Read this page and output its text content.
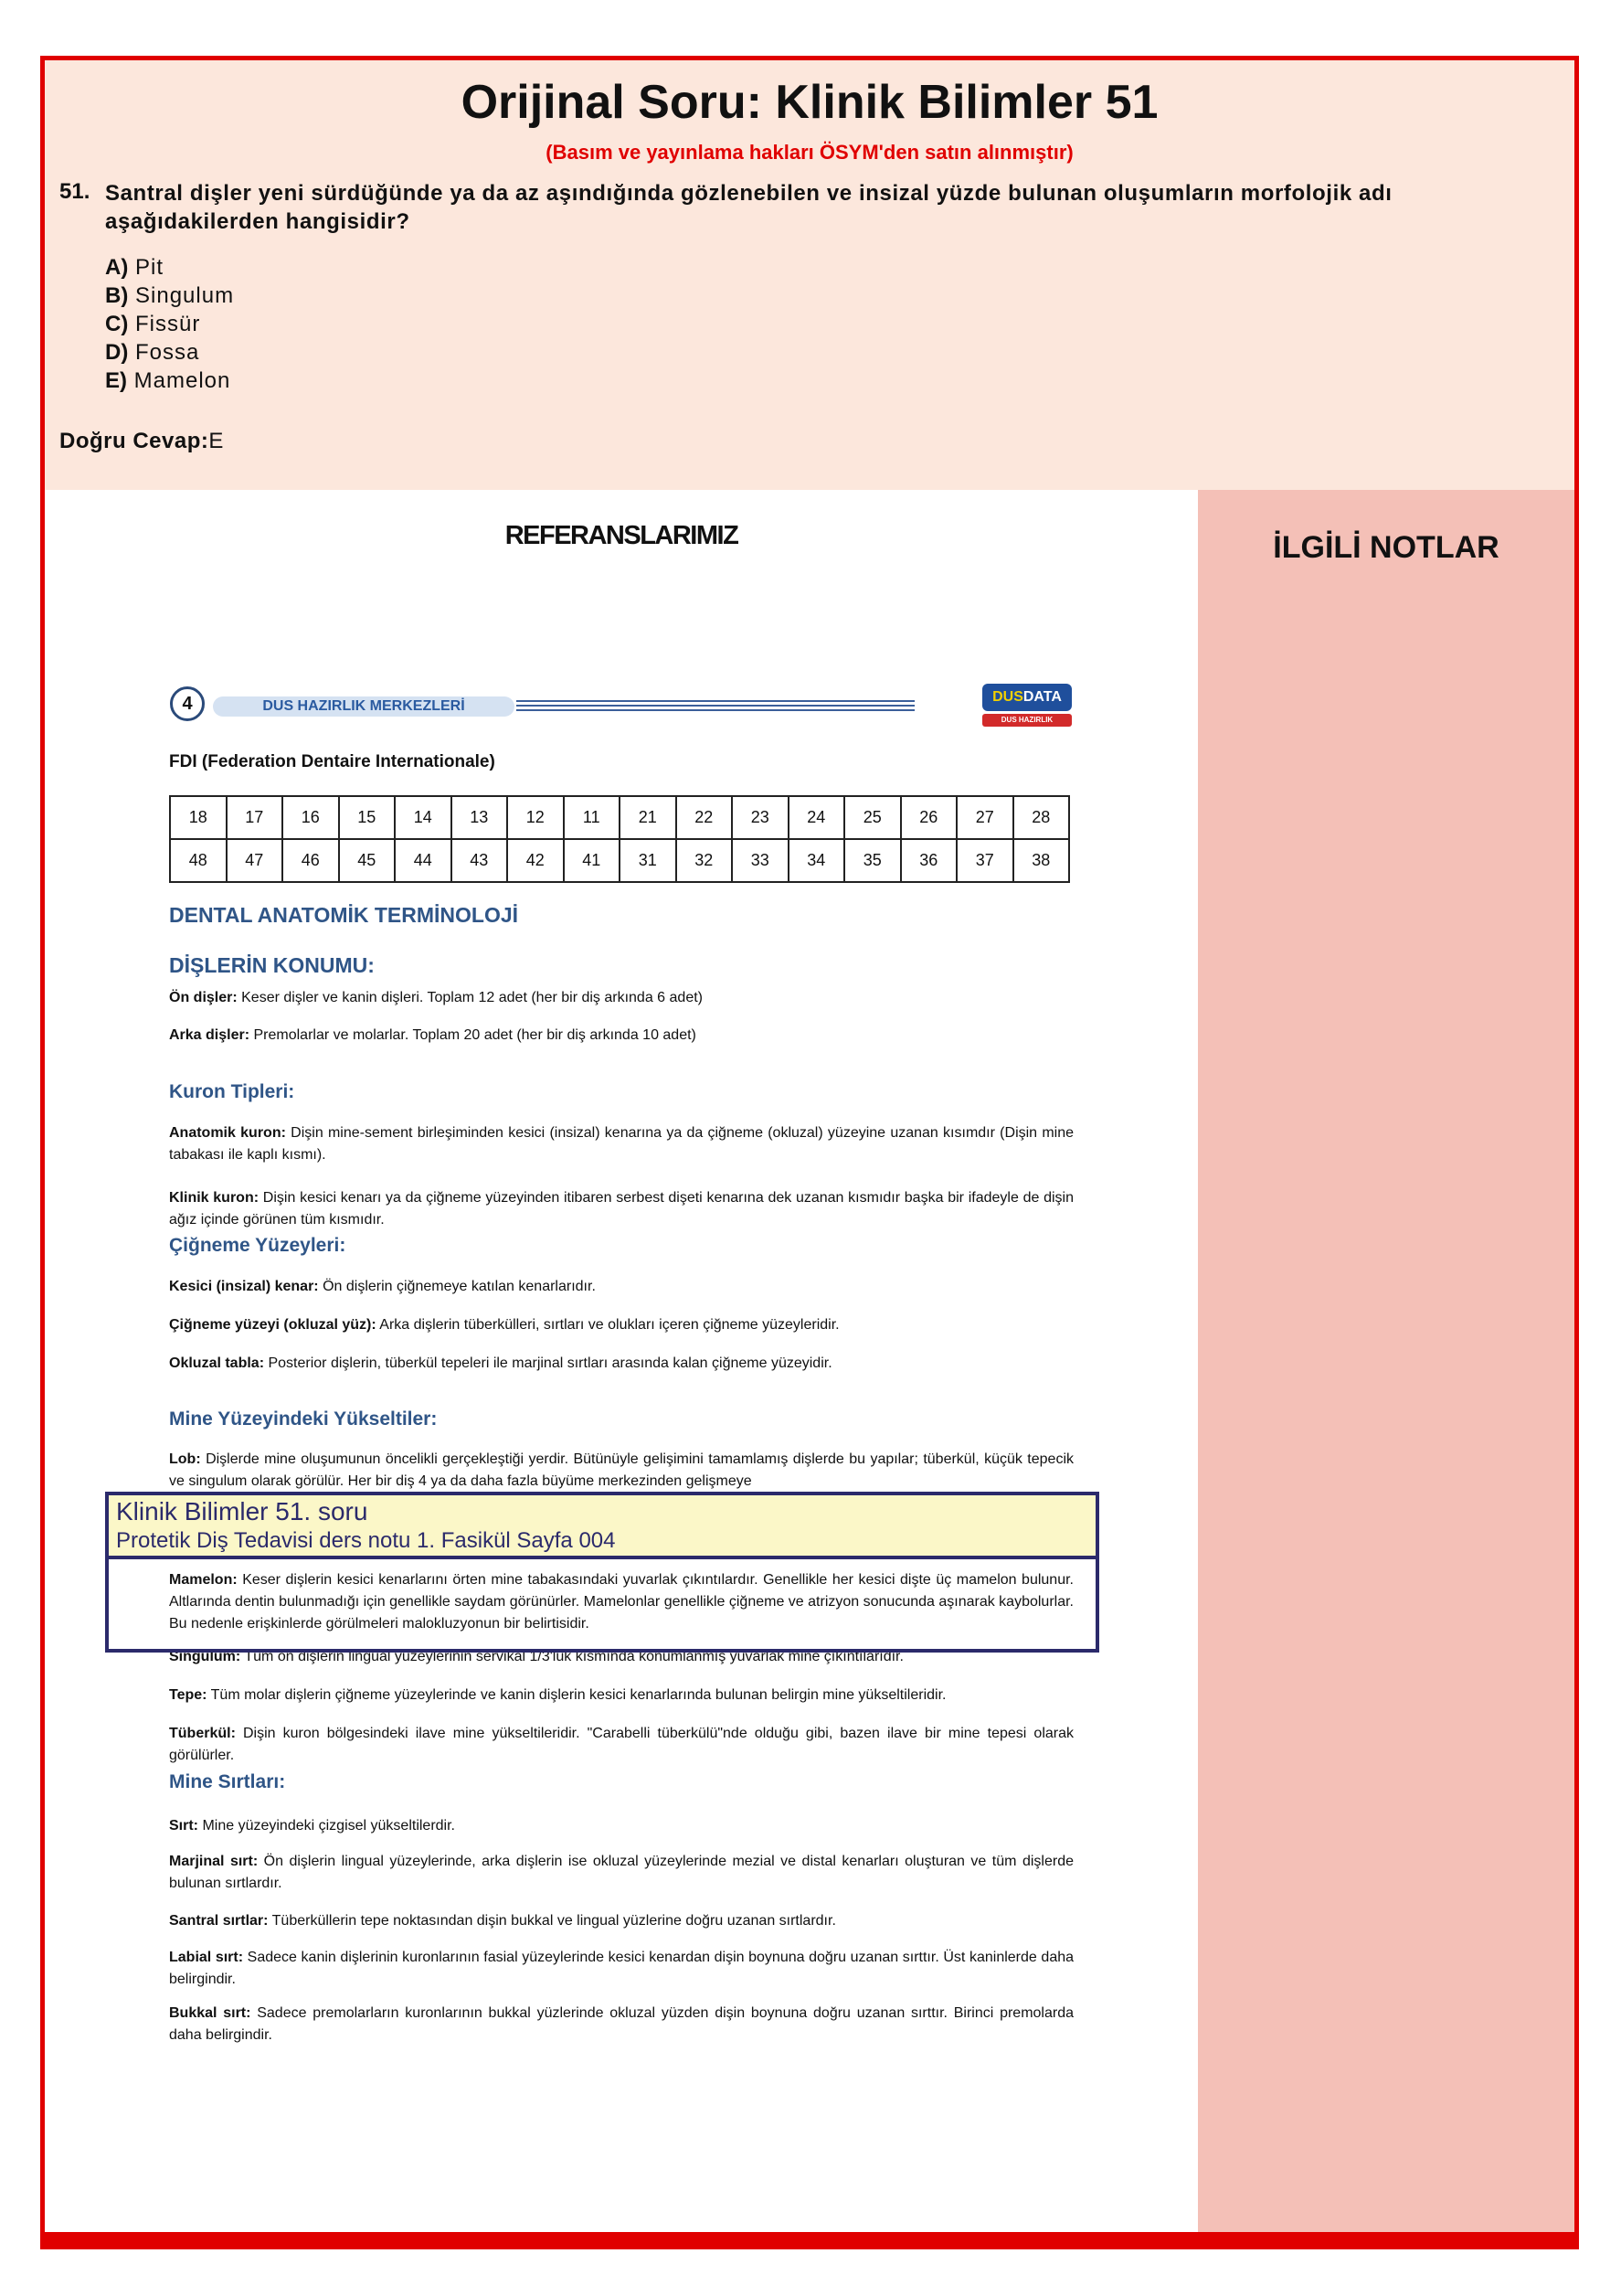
Orijinal Soru: Klinik Bilimler 51
(Basım ve yayınlama hakları ÖSYM'den satın alınmıştır)
51. Santral dişler yeni sürdüğünde ya da az aşındığında gözlenebilen ve insizal yüzde bulunan oluşumların morfolojik adı
aşağıdakilerden hangisidir?
A) Pit
B) Singulum
C) Fissür
D) Fossa
E) Mamelon
Doğru Cevap:E
İLGİLİ NOTLAR
REFERANSLARIMIZ
4	DUS HAZIRLIK MERKEZLERİ
DUSDATA
DUS HAZIRLIK MERKEZLERİ
FDI (Federation Dentaire Internationale)
18	17	16	15	14	13	12	11	21	22	23	24	25	26	27	28
48	47	46	45	44	43	42	41	31	32	33	34	35	36	37	38
DENTAL ANATOMİK TERMİNOLOJİ
DİŞLERİN KONUMU:
Ön dişler: Keser dişler ve kanin dişleri. Toplam 12 adet (her bir diş arkında 6 adet)
Arka dişler: Premolarlar ve molarlar. Toplam 20 adet (her bir diş arkında 10 adet)
Kuron Tipleri:
Anatomik kuron: Dişin mine-sement birleşiminden kesici (insizal) kenarına ya da çiğneme (okluzal) yüzeyine uzanan kısımdır (Dişin mine tabakası ile kaplı kısmı).
Klinik kuron: Dişin kesici kenarı ya da çiğneme yüzeyinden itibaren serbest dişeti kenarına dek uzanan kısmıdır başka bir ifadeyle de dişin ağız içinde görünen tüm kısmıdır.
Çiğneme Yüzeyleri:
Kesici (insizal) kenar: Ön dişlerin çiğnemeye katılan kenarlarıdır.
Çiğneme yüzeyi (okluzal yüz): Arka dişlerin tüberkülleri, sırtları ve olukları içeren çiğneme yüzeyleridir.
Okluzal tabla: Posterior dişlerin, tüberkül tepeleri ile marjinal sırtları arasında kalan çiğneme yüzeyidir.
Mine Yüzeyindeki Yükseltiler:
Lob: Dişlerde mine oluşumunun öncelikli gerçekleştiği yerdir. Bütünüyle gelişimini tamamlamış dişlerde bu yapılar; tüberkül, küçük tepecik ve singulum olarak görülür. Her bir diş 4 ya da daha fazla büyüme merkezinden gelişmeye
Mamelon: Keser dişlerin kesici kenarlarını örten mine tabakasındaki yuvarlak çıkıntılardır. Genellikle her kesici dişte üç mamelon bulunur. Altlarında dentin bulunmadığı için genellikle saydam görünürler. Mamelonlar genellikle çiğneme ve atrizyon sonucunda aşınarak kaybolurlar. Bu nedenle erişkinlerde görülmeleri malokluzyonun bir belirtisidir.
Singulum: Tüm ön dişlerin lingual yüzeylerinin servikal 1/3'lük kısmında konumlanmış yuvarlak mine çıkıntılarıdır.
Tepe: Tüm molar dişlerin çiğneme yüzeylerinde ve kanin dişlerin kesici kenarlarında bulunan belirgin mine yükseltileridir.
Tüberkül: Dişin kuron bölgesindeki ilave mine yükseltileridir. "Carabelli tüberkülü"nde olduğu gibi, bazen ilave bir mine tepesi olarak görülürler.
Mine Sırtları:
Sırt: Mine yüzeyindeki çizgisel yükseltilerdir.
Marjinal sırt: Ön dişlerin lingual yüzeylerinde, arka dişlerin ise okluzal yüzeylerinde mezial ve distal kenarları oluşturan ve tüm dişlerde bulunan sırtlardır.
Santral sırtlar: Tüberküllerin tepe noktasından dişin bukkal ve lingual yüzlerine doğru uzanan sırtlardır.
Labial sırt: Sadece kanin dişlerinin kuronlarının fasial yüzeylerinde kesici kenardan dişin boynuna doğru uzanan sırttır. Üst kaninlerde daha belirgindir.
Bukkal sırt: Sadece premolarların kuronlarının bukkal yüzlerinde okluzal yüzden dişin boynuna doğru uzanan sırttır. Birinci premolarda daha belirgindir.
Klinik Bilimler 51. soru
Protetik Diş Tedavisi ders notu 1. Fasikül Sayfa 004
